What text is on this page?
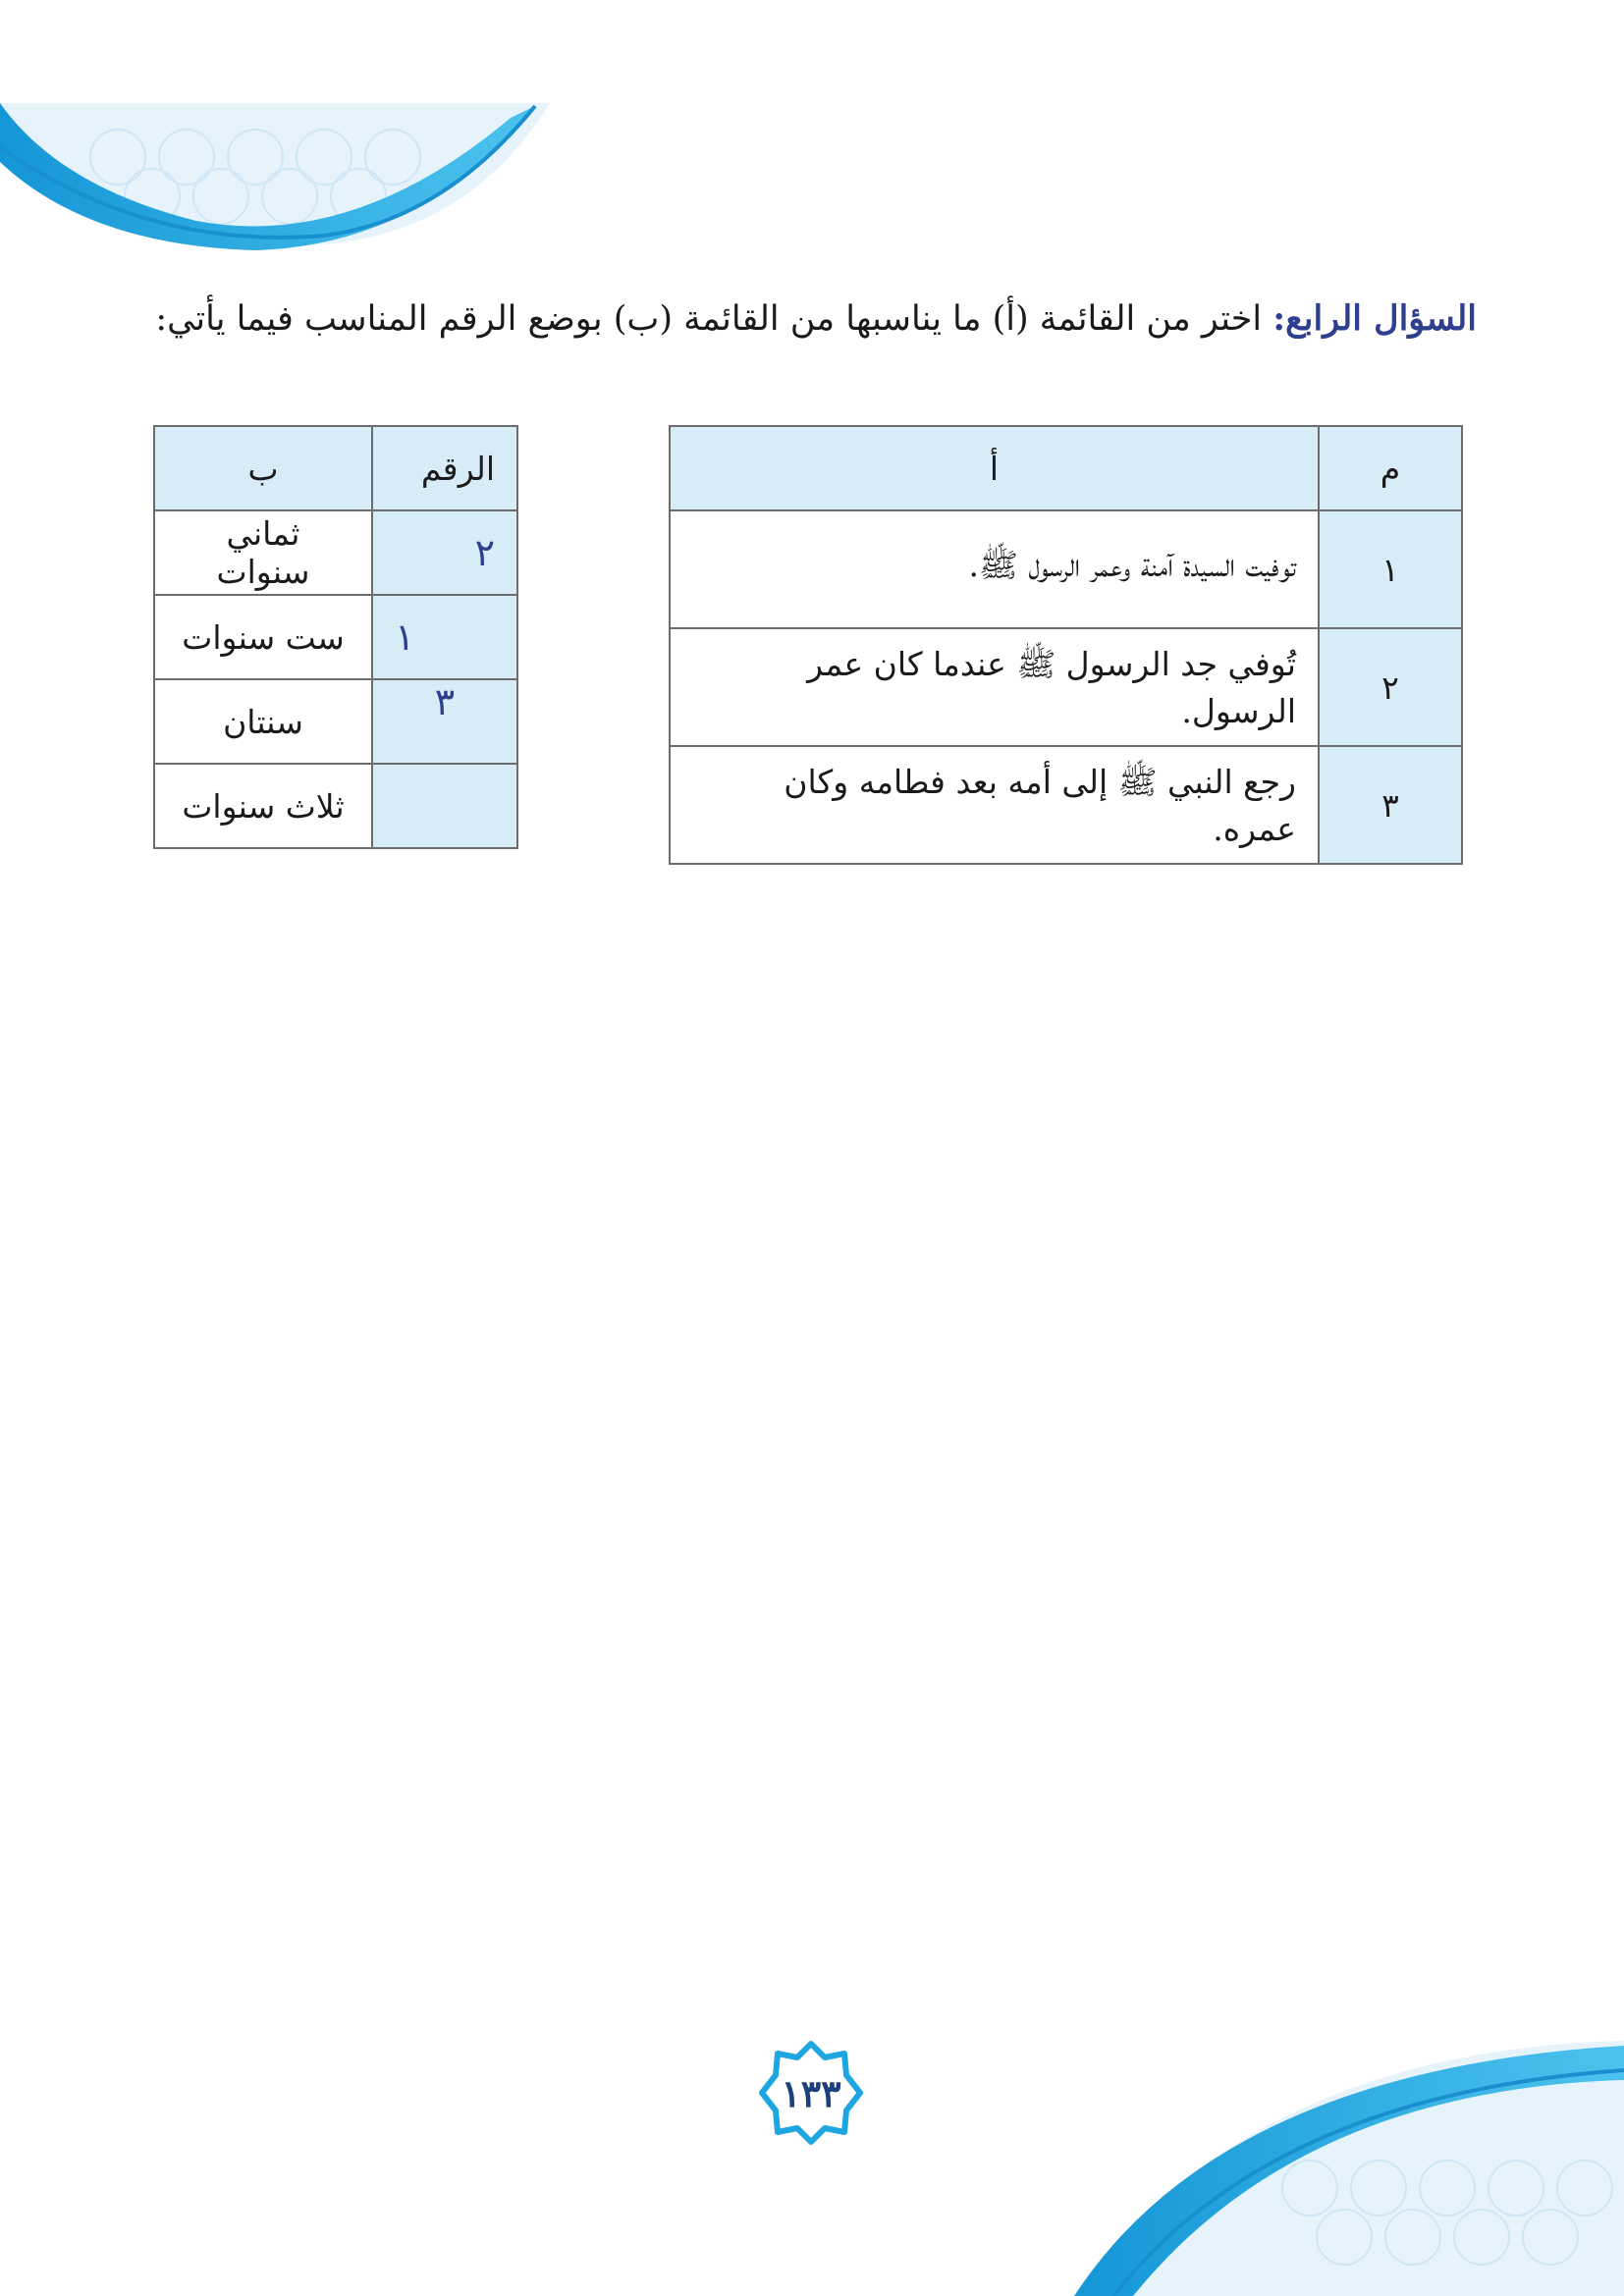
السؤال الرابع: اختر من القائمة (أ) ما يناسبها من القائمة (ب) بوضع الرقم المناسب فيما يأتي:
م	أ
١	توفيت السيدة آمنة وعمر الرسول ﷺ.
٢	تُوفي جد الرسول ﷺ عندما كان عمر الرسول.
٣	رجع النبي ﷺ إلى أمه بعد فطامه وكان عمره.
الرقم	ب
٢	ثماني سنوات
١	ست سنوات
٣	سنتان
	ثلاث سنوات
١٣٣
